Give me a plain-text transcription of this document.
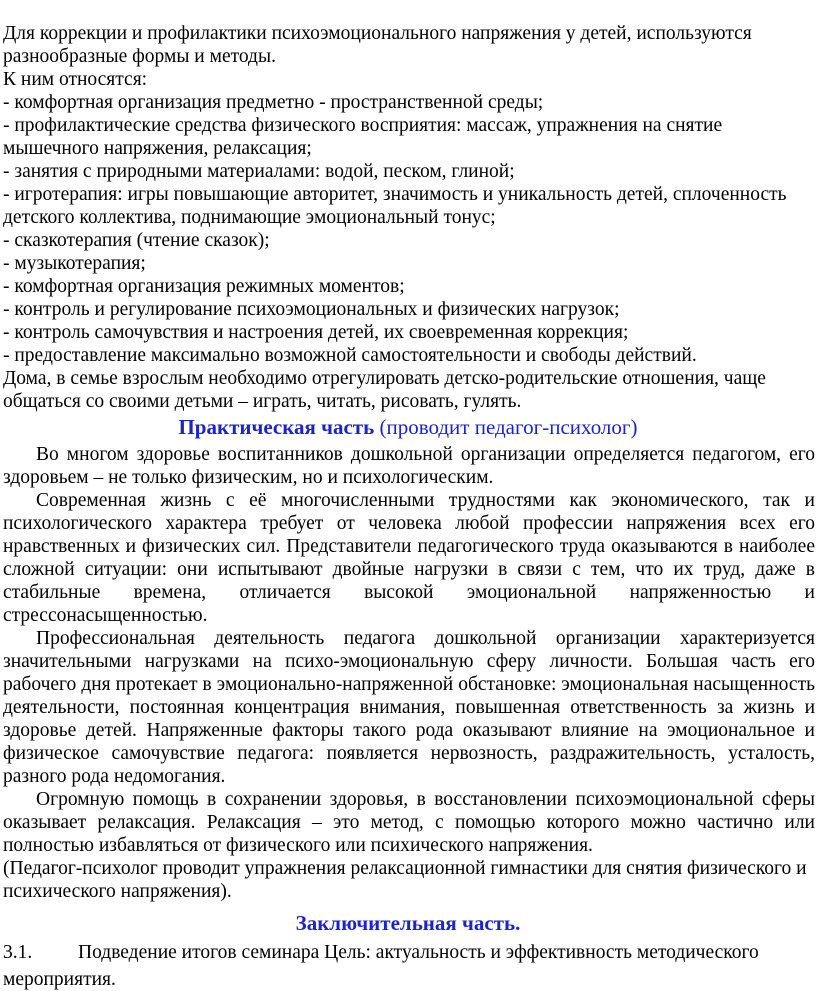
Для коррекции и профилактики психоэмоционального напряжения у детей, используются

разнообразные формы и методы.

К ним относятся:

- комфортная организация предметно - пространственной среды;

- профилактические средства физического восприятия: массаж, упражнения на снятие

мышечного напряжения, релаксация;

- занятия с природными материалами: водой, песком, глиной;

- игротерапия: игры повышающие авторитет, значимость и уникальность детей, сплоченность

детского коллектива, поднимающие эмоциональный тонус;

- сказкотерапия (чтение сказок);

- музыкотерапия;

- комфортная организация режимных моментов;

- контроль и регулирование психоэмоциональных и физических нагрузок;

- контроль самочувствия и настроения детей, их своевременная коррекция;

- предоставление максимально возможной самостоятельности и свободы действий.

Дома, в семье взрослым необходимо отрегулировать детско-родительские отношения, чаще

общаться со своими детьми – играть, читать, рисовать, гулять.

Практическая часть (проводит педагог-психолог)

Во многом здоровье воспитанников дошкольной организации определяется педагогом, его здоровьем – не только физическим, но и психологическим.

Современная жизнь с её многочисленными трудностями как экономического, так и психологического характера требует от человека любой профессии напряжения всех его нравственных и физических сил. Представители педагогического труда оказываются в наиболее сложной ситуации: они испытывают двойные нагрузки в связи с тем, что их труд, даже в стабильные времена, отличается высокой эмоциональной напряженностью и стрессонасыщенностью.

Профессиональная деятельность педагога дошкольной организации характеризуется значительными нагрузками на психо-эмоциональную сферу личности. Большая часть его рабочего дня протекает в эмоционально-напряженной обстановке: эмоциональная насыщенность деятельности, постоянная концентрация внимания, повышенная ответственность за жизнь и здоровье детей. Напряженные факторы такого рода оказывают влияние на эмоциональное и физическое самочувствие педагога: появляется нервозность, раздражительность, усталость, разного рода недомогания.

Огромную помощь в сохранении здоровья, в восстановлении психоэмоциональной сферы оказывает релаксация. Релаксация – это метод, с помощью которого можно частично или полностью избавляться от физического или психического напряжения.

(Педагог-психолог проводит упражнения релаксационной гимнастики для снятия физического и психического напряжения).

Заключительная часть.
3.1.	Подведение итогов семинара Цель: актуальность и эффективность методического

мероприятия.
